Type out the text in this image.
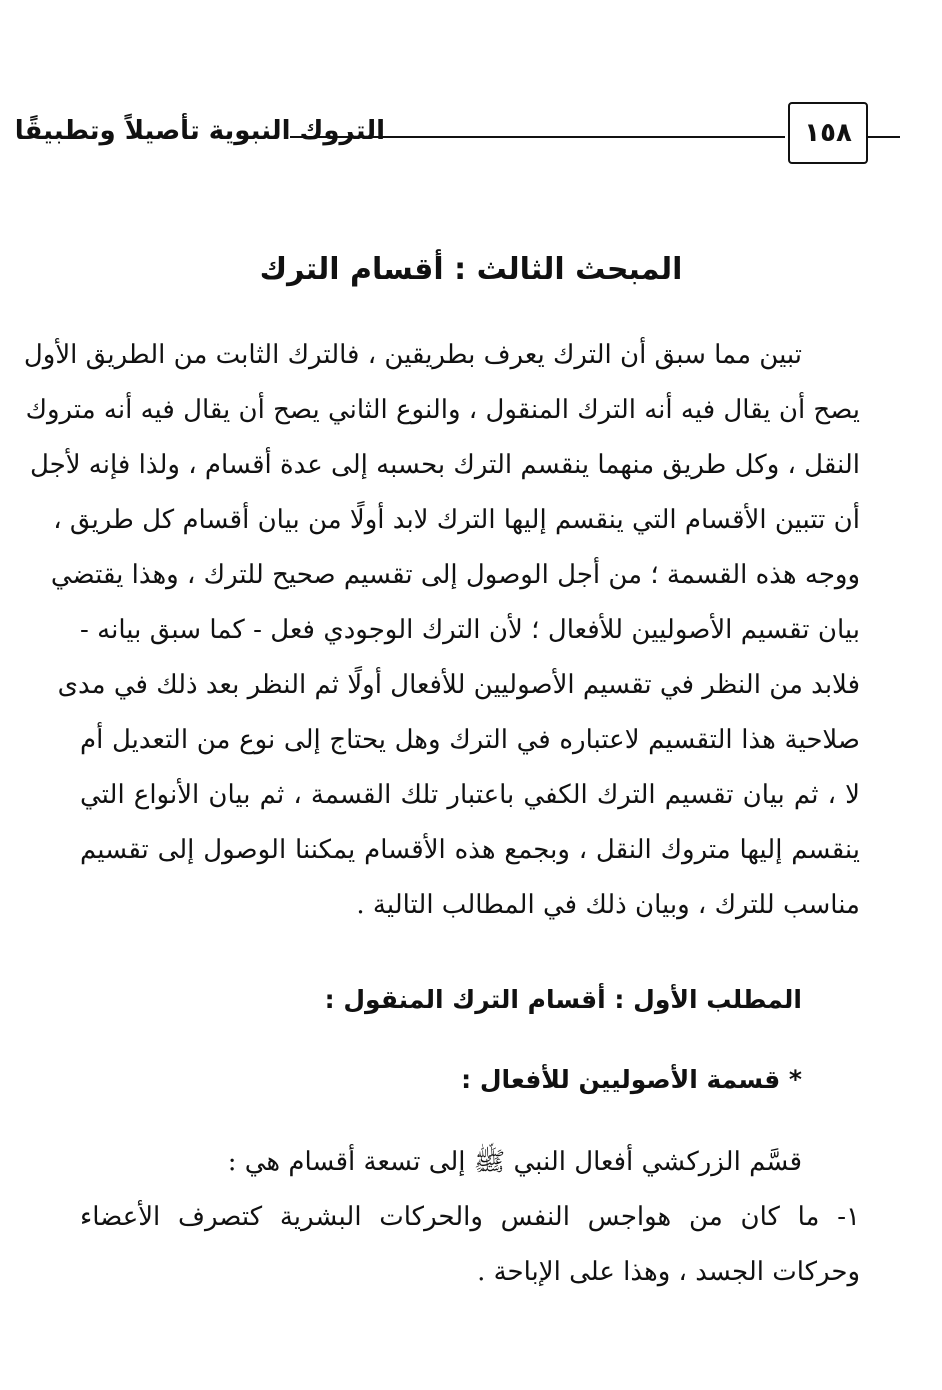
١٥٨
التروك النبوية تأصيلاً وتطبيقًا
المبحث الثالث : أقسام الترك
تبين مما سبق أن الترك يعرف بطريقين ، فالترك الثابت من الطريق الأول
يصح أن يقال فيه أنه الترك المنقول ، والنوع الثاني يصح أن يقال فيه أنه متروك
النقل ، وكل طريق منهما ينقسم الترك بحسبه إلى عدة أقسام ، ولذا فإنه لأجل
أن تتبين الأقسام التي ينقسم إليها الترك لابد أولًا من بيان أقسام كل طريق ،
ووجه هذه القسمة ؛ من أجل الوصول إلى تقسيم صحيح للترك ، وهذا يقتضي
بيان تقسيم الأصوليين للأفعال ؛ لأن الترك الوجودي فعل - كما سبق بيانه -
فلابد من النظر في تقسيم الأصوليين للأفعال أولًا ثم النظر بعد ذلك في مدى
صلاحية هذا التقسيم لاعتباره في الترك وهل يحتاج إلى نوع من التعديل أم
لا ، ثم بيان تقسيم الترك الكفي باعتبار تلك القسمة ، ثم بيان الأنواع التي
ينقسم إليها متروك النقل ، وبجمع هذه الأقسام يمكننا الوصول إلى تقسيم
مناسب للترك ، وبيان ذلك في المطالب التالية .
المطلب الأول : أقسام الترك المنقول :
* قسمة الأصوليين للأفعال :
قسَّم الزركشي أفعال النبي ﷺ إلى تسعة أقسام هي :
١- ما كان من هواجس النفس والحركات البشرية كتصرف الأعضاء
وحركات الجسد ، وهذا على الإباحة .
